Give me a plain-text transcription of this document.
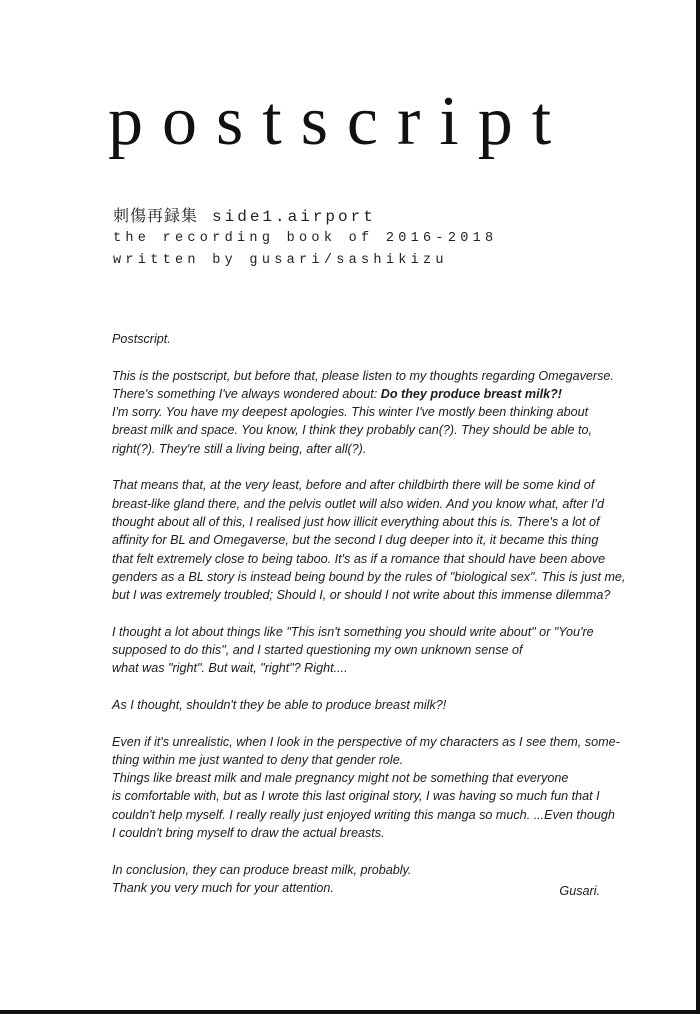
postscript
刺傷再録集 side1.airport
the recording book of 2016-2018
written by gusari/sashikizu

Postscript.

This is the postscript, but before that, please listen to my thoughts regarding Omegaverse.
There's something I've always wondered about: Do they produce breast milk?!
I'm sorry. You have my deepest apologies. This winter I've mostly been thinking about
breast milk and space. You know, I think they probably can(?). They should be able to,
right(?). They're still a living being, after all(?).

That means that, at the very least, before and after childbirth there will be some kind of
breast-like gland there, and the pelvis outlet will also widen. And you know what, after I'd
thought about all of this, I realised just how illicit everything about this is. There's a lot of
affinity for BL and Omegaverse, but the second I dug deeper into it, it became this thing
that felt extremely close to being taboo. It's as if a romance that should have been above
genders as a BL story is instead being bound by the rules of "biological sex". This is just me,
but I was extremely troubled; Should I, or should I not write about this immense dilemma?

I thought a lot about things like "This isn't something you should write about" or "You're
supposed to do this", and I started questioning my own unknown sense of
what was "right". But wait, "right"? Right....

As I thought, shouldn't they be able to produce breast milk?!

Even if it's unrealistic, when I look in the perspective of my characters as I see them, some-
thing within me just wanted to deny that gender role.
Things like breast milk and male pregnancy might not be something that everyone
is comfortable with, but as I wrote this last original story, I was having so much fun that I
couldn't help myself. I really really just enjoyed writing this manga so much. ...Even though
I couldn't bring myself to draw the actual breasts.

In conclusion, they can produce breast milk, probably.
Thank you very much for your attention.	Gusari.
